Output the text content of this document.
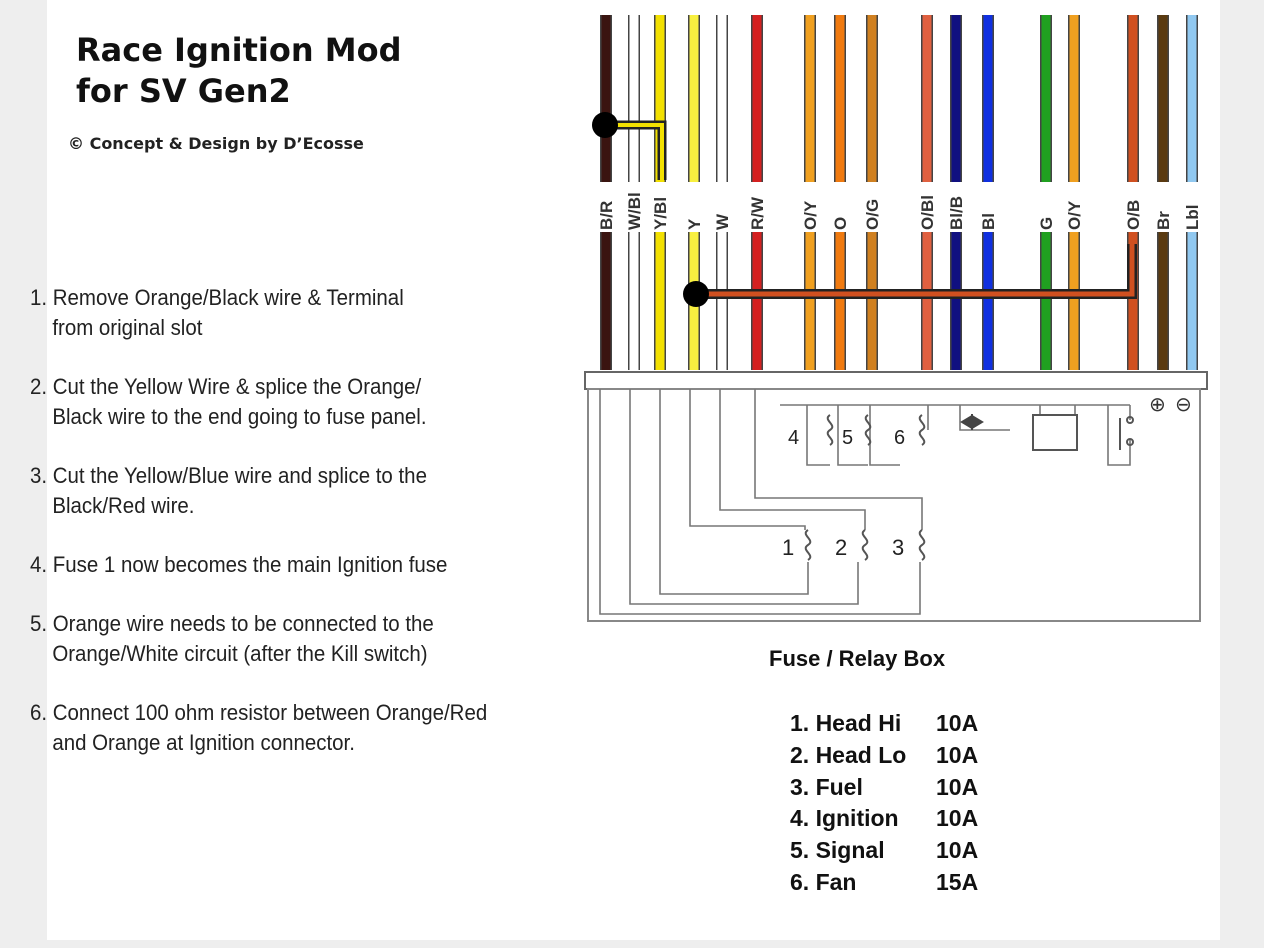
Race Ignition Mod
for SV Gen2
© Concept & Design by D’Ecosse
1. Remove Orange/Black wire & Terminal
from original slot
2. Cut the Yellow Wire & splice the Orange/
Black wire to the end going to fuse panel.
3. Cut the Yellow/Blue wire and splice to the
Black/Red wire.
4. Fuse 1 now becomes the main Ignition fuse
5. Orange wire needs to be connected to the
Orange/White circuit (after the Kill switch)
6. Connect 100 ohm resistor between Orange/Red
and Orange at Ignition connector.
B/R W/Bl Y/Bl Y W R/W O/Y O O/G O/Bl Bl/B Bl G O/Y O/B Br Lbl
1 2 3
4 5 6
⊕ ⊖
Fuse / Relay Box
1. Head Hi 10A
2. Head Lo 10A
3. Fuel	10A
4. Ignition 10A
5. Signal 10A
6. Fan	15A
